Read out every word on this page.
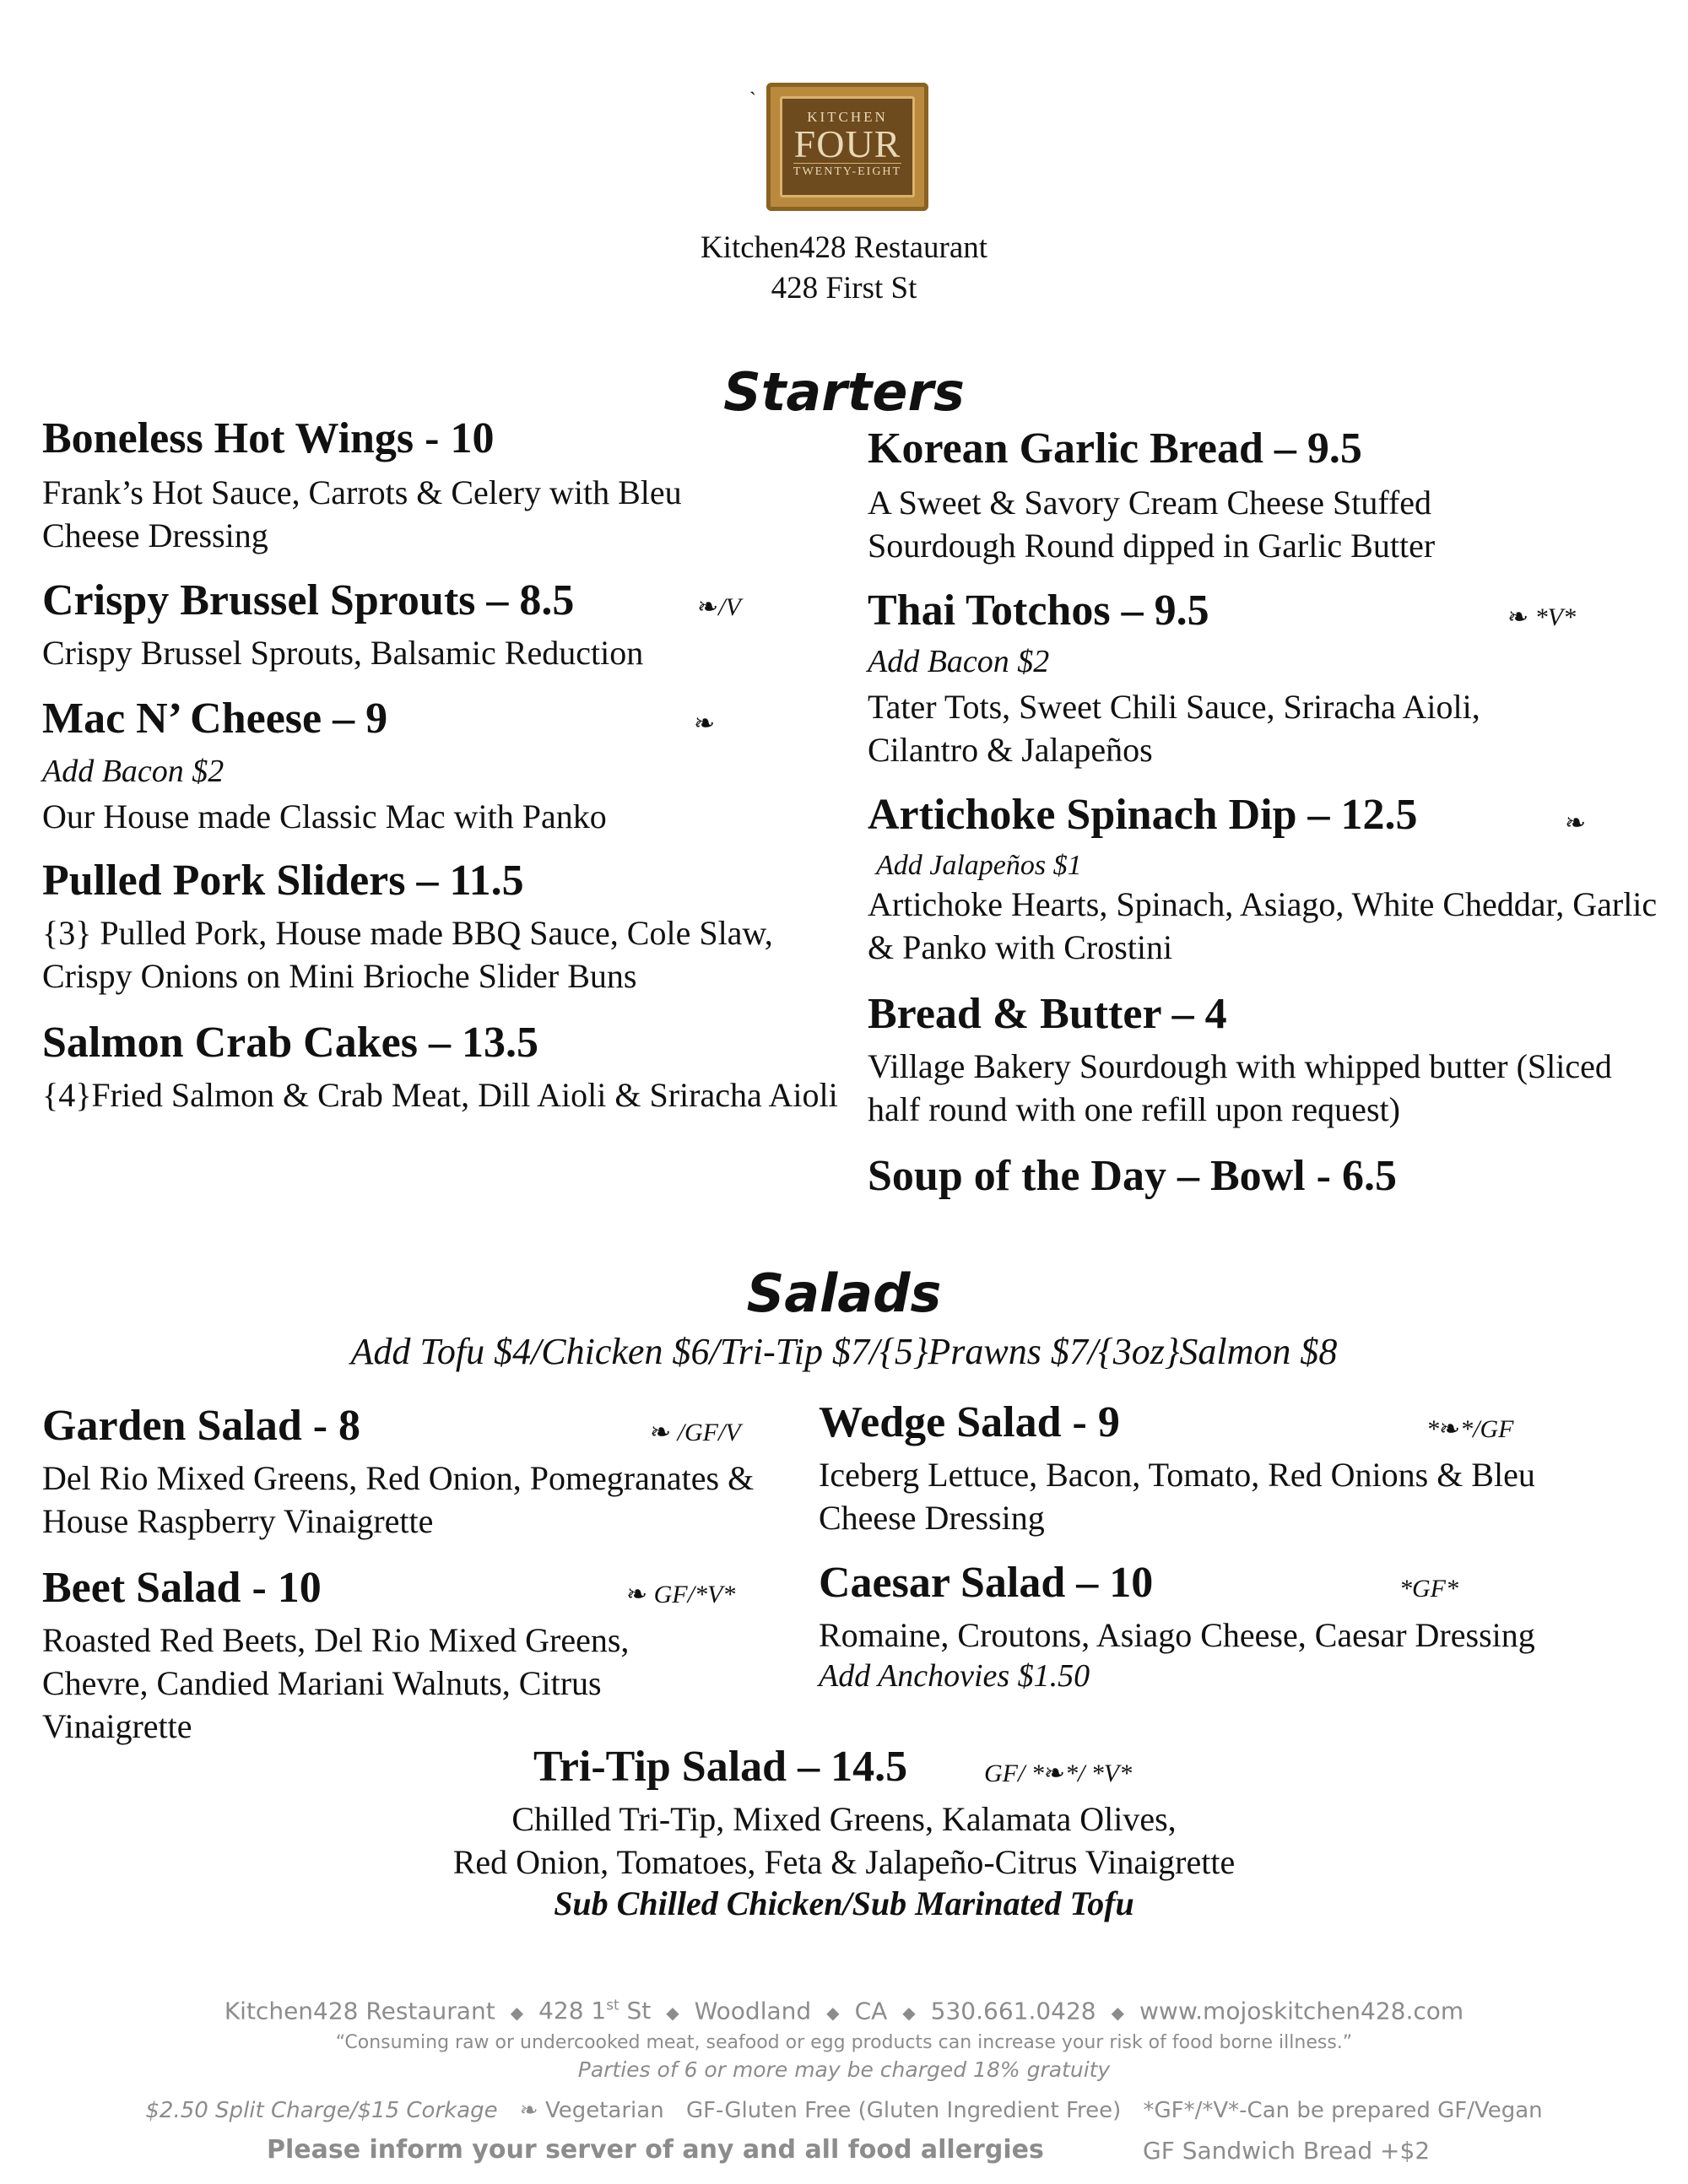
`
KITCHEN
FOUR
TWENTY-EIGHT
Kitchen428 Restaurant
428 First St
Starters
Boneless Hot Wings - 10
Frank’s Hot Sauce, Carrots & Celery with Bleu Cheese Dressing
Crispy Brussel Sprouts – 8.5	❧/V
Crispy Brussel Sprouts, Balsamic Reduction
Mac N’ Cheese – 9	❧
Add Bacon $2
Our House made Classic Mac with Panko
Pulled Pork Sliders – 11.5
{3} Pulled Pork, House made BBQ Sauce, Cole Slaw, Crispy Onions on Mini Brioche Slider Buns
Salmon Crab Cakes – 13.5
{4}Fried Salmon & Crab Meat, Dill Aioli & Sriracha Aioli
Korean Garlic Bread – 9.5
A Sweet & Savory Cream Cheese Stuffed Sourdough Round dipped in Garlic Butter
Thai Totchos – 9.5	❧ *V*
Add Bacon $2
Tater Tots, Sweet Chili Sauce, Sriracha Aioli, Cilantro & Jalapeños
Artichoke Spinach Dip – 12.5	❧
Add Jalapeños $1
Artichoke Hearts, Spinach, Asiago, White Cheddar, Garlic & Panko with Crostini
Bread & Butter – 4
Village Bakery Sourdough with whipped butter (Sliced half round with one refill upon request)
Soup of the Day – Bowl - 6.5
Salads
Add Tofu $4/Chicken $6/Tri-Tip $7/{5}Prawns $7/{3oz}Salmon $8
Garden Salad - 8	❧ /GF/V
Del Rio Mixed Greens, Red Onion, Pomegranates & House Raspberry Vinaigrette
Beet Salad - 10	❧ GF/*V*
Roasted Red Beets, Del Rio Mixed Greens, Chevre, Candied Mariani Walnuts, Citrus Vinaigrette
Wedge Salad - 9	*❧*/GF
Iceberg Lettuce, Bacon, Tomato, Red Onions & Bleu Cheese Dressing
Caesar Salad – 10	*GF*
Romaine, Croutons, Asiago Cheese, Caesar Dressing
Add Anchovies $1.50
Tri-Tip Salad – 14.5	GF/ *❧*/ *V*
Chilled Tri-Tip, Mixed Greens, Kalamata Olives,
Red Onion, Tomatoes, Feta & Jalapeño-Citrus Vinaigrette
Sub Chilled Chicken/Sub Marinated Tofu
Kitchen428 Restaurant ◆ 428 1st St ◆ Woodland ◆ CA ◆ 530.661.0428 ◆ www.mojoskitchen428.com
“Consuming raw or undercooked meat, seafood or egg products can increase your risk of food borne illness.”
Parties of 6 or more may be charged 18% gratuity
$2.50 Split Charge/$15 Corkage ❧ Vegetarian GF-Gluten Free (Gluten Ingredient Free) *GF*/*V*-Can be prepared GF/Vegan
Please inform your server of any and all food allergies	GF Sandwich Bread +$2
